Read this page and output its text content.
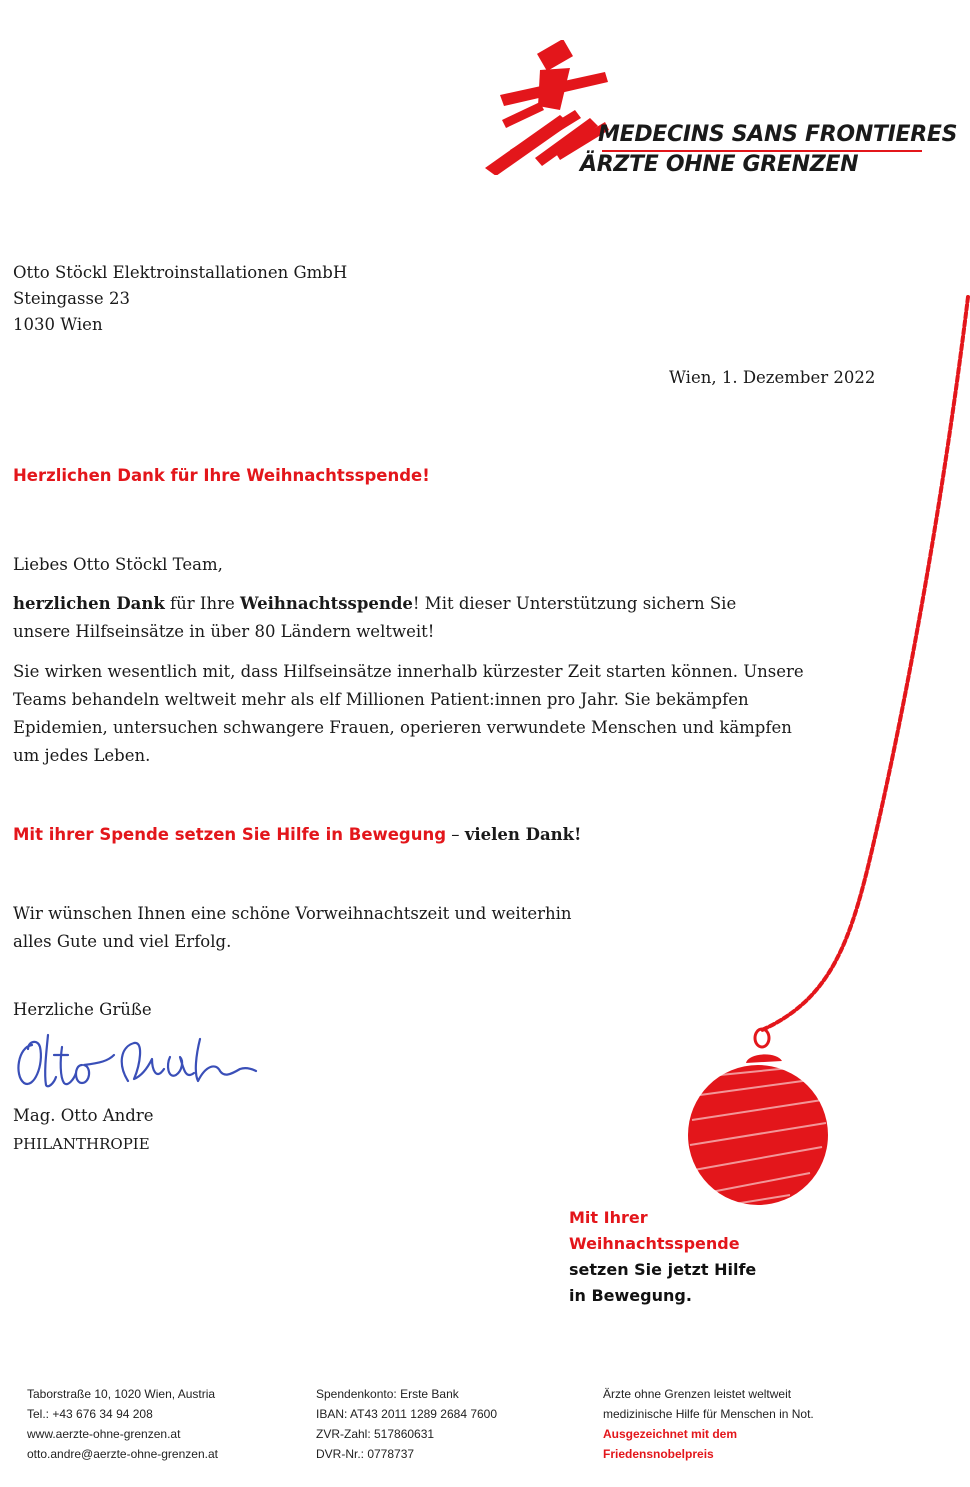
MEDECINS SANS FRONTIERES
ÄRZTE OHNE GRENZEN
Otto Stöckl Elektroinstallationen GmbH
Steingasse 23
1030 Wien
Wien, 1. Dezember 2022
Herzlichen Dank für Ihre Weihnachtsspende!
Liebes Otto Stöckl Team,

herzlichen Dank für Ihre Weihnachtsspende! Mit dieser Unterstützung sichern Sie unsere Hilfseinsätze in über 80 Ländern weltweit!

Sie wirken wesentlich mit, dass Hilfseinsätze innerhalb kürzester Zeit starten können. Unsere Teams behandeln weltweit mehr als elf Millionen Patient:innen pro Jahr. Sie bekämpfen Epidemien, untersuchen schwangere Frauen, operieren verwundete Menschen und kämpfen um jedes Leben.

Mit ihrer Spende setzen Sie Hilfe in Bewegung – vielen Dank!

Wir wünschen Ihnen eine schöne Vorweihnachtszeit und weiterhin
alles Gute und viel Erfolg.
Herzliche Grüße
Mag. Otto Andre
PHILANTHROPIE
Mit Ihrer
Weihnachtsspende
setzen Sie jetzt Hilfe
in Bewegung.
Taborstraße 10, 1020 Wien, Austria
Tel.: +43 676 34 94 208
www.aerzte-ohne-grenzen.at
otto.andre@aerzte-ohne-grenzen.at
Spendenkonto: Erste Bank
IBAN: AT43 2011 1289 2684 7600
ZVR-Zahl: 517860631
DVR-Nr.: 0778737
Ärzte ohne Grenzen leistet weltweit
medizinische Hilfe für Menschen in Not.
Ausgezeichnet mit dem
Friedensnobelpreis
